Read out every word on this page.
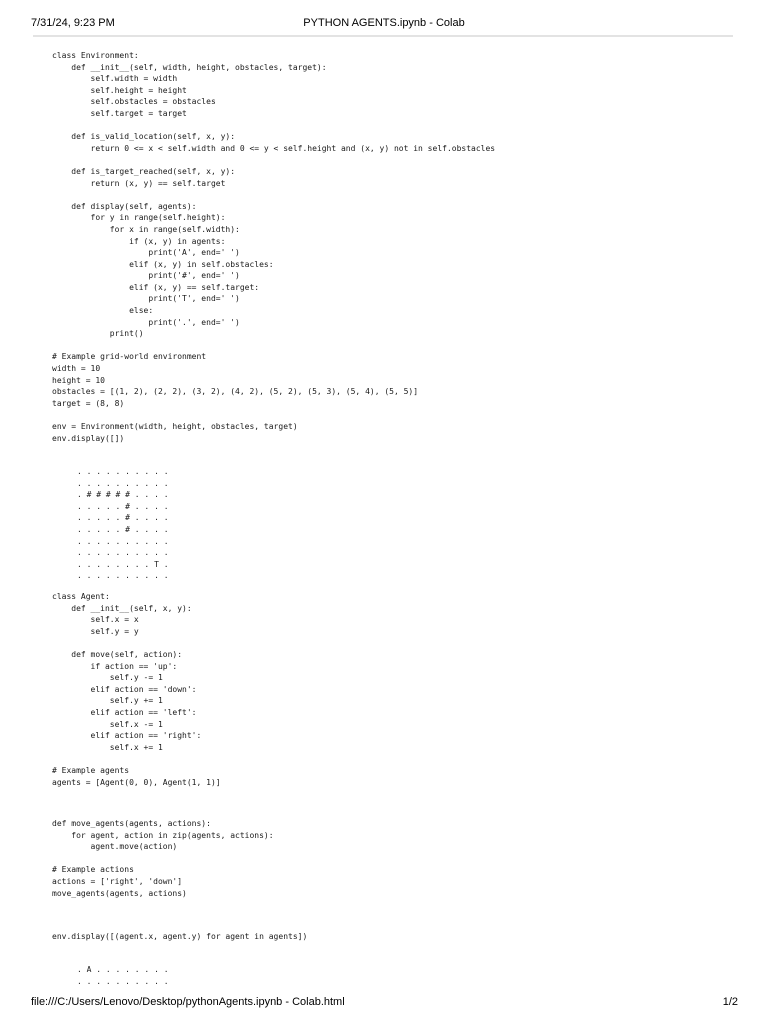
7/31/24, 9:23 PM	PYTHON AGENTS.ipynb - Colab
class Environment:
def __init__(self, width, height, obstacles, target):
self.width = width
self.height = height
self.obstacles = obstacles
self.target = target

def is_valid_location(self, x, y):
return 0 <= x < self.width and 0 <= y < self.height and (x, y) not in self.obstacles

def is_target_reached(self, x, y):
return (x, y) == self.target

def display(self, agents):
for y in range(self.height):
for x in range(self.width):
if (x, y) in agents:
print('A', end=' ')
elif (x, y) in self.obstacles:
print('#', end=' ')
elif (x, y) == self.target:
print('T', end=' ')
else:
print('.', end=' ')
print()

# Example grid-world environment
width = 10
height = 10
obstacles = [(1, 2), (2, 2), (3, 2), (4, 2), (5, 2), (5, 3), (5, 4), (5, 5)]
target = (8, 8)

env = Environment(width, height, obstacles, target)
env.display([])
. . . . . . . . . .
. . . . . . . . . .
. # # # # # . . . .
. . . . . # . . . .
. . . . . # . . . .
. . . . . # . . . .
. . . . . . . . . .
. . . . . . . . . .
. . . . . . . . T .
. . . . . . . . . .
class Agent:
def __init__(self, x, y):
self.x = x
self.y = y

def move(self, action):
if action == 'up':
self.y -= 1
elif action == 'down':
self.y += 1
elif action == 'left':
self.x -= 1
elif action == 'right':
self.x += 1

# Example agents
agents = [Agent(0, 0), Agent(1, 1)]
def move_agents(agents, actions):
for agent, action in zip(agents, actions):
agent.move(action)

# Example actions
actions = ['right', 'down']
move_agents(agents, actions)
env.display([(agent.x, agent.y) for agent in agents])
. A . . . . . . . .
. . . . . . . . . .
file:///C:/Users/Lenovo/Desktop/pythonAgents.ipynb - Colab.html	1/2
